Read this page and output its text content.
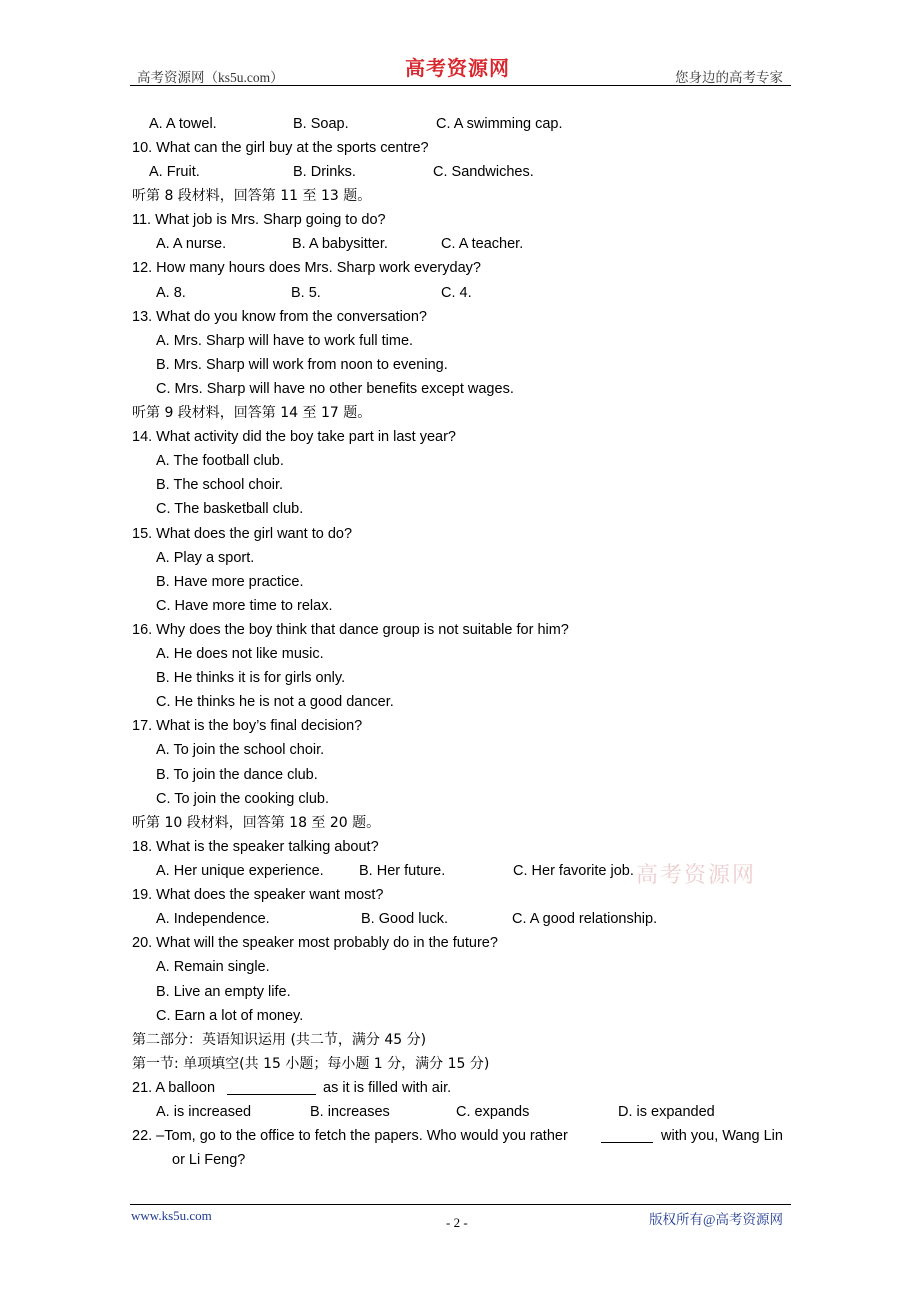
高考资源网（ks5u.com）	高考资源网	您身边的高考专家
A. A towel.	B. Soap.	C. A swimming cap.
10. What can the girl buy at the sports centre?
A. Fruit.	B. Drinks.	C. Sandwiches.
听第 8 段材料，回答第 11 至 13 题。
11. What job is Mrs. Sharp going to do?
A. A nurse.	B. A babysitter.	C. A teacher.
12. How many hours does Mrs. Sharp work everyday?
A. 8.	B. 5.	C. 4.
13. What do you know from the conversation?
A. Mrs. Sharp will have to work full time.
B. Mrs. Sharp will work from noon to evening.
C. Mrs. Sharp will have no other benefits except wages.
听第 9 段材料，回答第 14 至 17 题。
14. What activity did the boy take part in last year?
A. The football club.
B. The school choir.
C. The basketball club.
15. What does the girl want to do?
A. Play a sport.
B. Have more practice.
C. Have more time to relax.
16. Why does the boy think that dance group is not suitable for him?
A. He does not like music.
B. He thinks it is for girls only.
C. He thinks he is not a good dancer.
17. What is the boy’s final decision?
A. To join the school choir.
B. To join the dance club.
C. To join the cooking club.
听第 10 段材料，回答第 18 至 20 题。
18. What is the speaker talking about?
A. Her unique experience. B. Her future.	C. Her favorite job. 高考资源网
19. What does the speaker want most?
A. Independence.	B. Good luck.	C. A good relationship.
20. What will the speaker most probably do in the future?
A. Remain single.
B. Live an empty life.
C. Earn a lot of money.
第二部分：英语知识运用 (共二节，满分 45 分)
第一节: 单项填空(共 15 小题；每小题 1 分，满分 15 分)
21. A balloon	as it is filled with air.
A. is increased	B. increases	C. expands	D. is expanded
22. –Tom, go to the office to fetch the papers. Who would you rather	with you, Wang Lin
or Li Feng?
www.ks5u.com	- 2 -	版权所有@高考资源网
